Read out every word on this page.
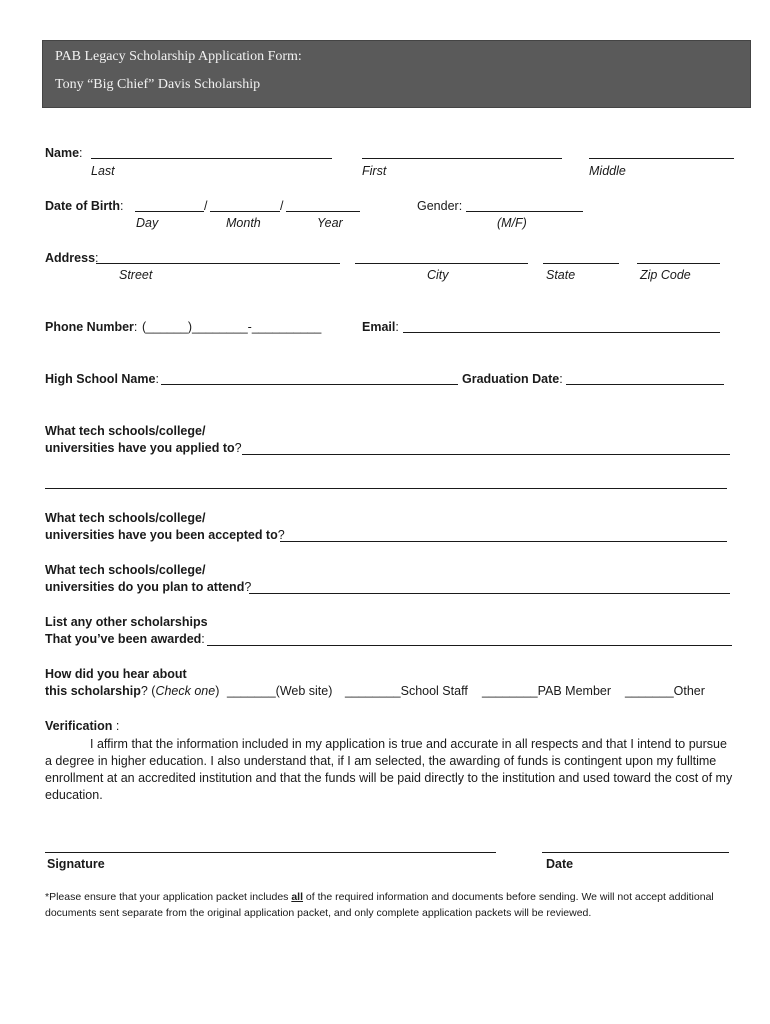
PAB Legacy Scholarship Application Form:
Tony “Big Chief” Davis Scholarship
Name:
Last	First	Middle
Date of Birth:	/	/
Day	Month	Year
Gender:
(M/F)
Address:
Street	City	State	Zip Code
Phone Number: (______)________-__________	Email:
High School Name:	Graduation Date:
What tech schools/college/
universities have you applied to?
What tech schools/college/
universities have you been accepted to?
What tech schools/college/
universities do you plan to attend?
List any other scholarships
That you’ve been awarded:
How did you hear about
this scholarship? (Check one) _______(Web site) ________School Staff ________PAB Member _______Other
Verification :
I affirm that the information included in my application is true and accurate in all respects and that I intend to pursue a degree in higher education. I also understand that, if I am selected, the awarding of funds is contingent upon my fulltime enrollment at an accredited institution and that the funds will be paid directly to the institution and used toward the cost of my education.
Signature	Date
*Please ensure that your application packet includes all of the required information and documents before sending. We will not accept additional documents sent separate from the original application packet, and only complete application packets will be reviewed.
